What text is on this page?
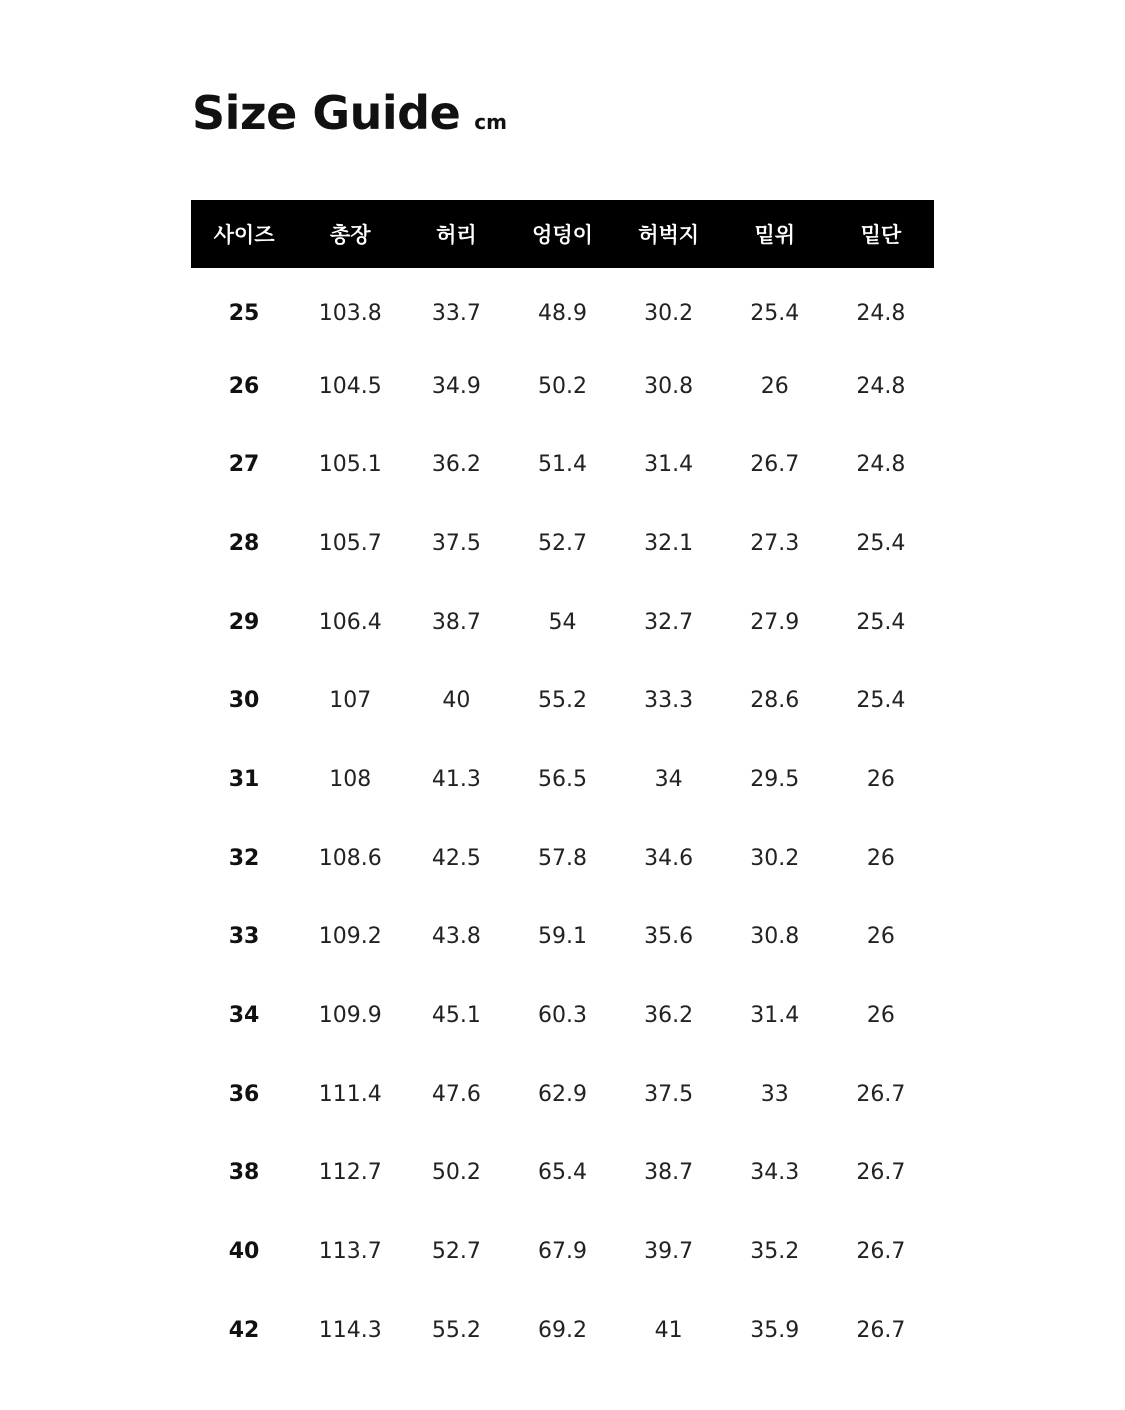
Size Guide cm
사이즈	총장	허리	엉덩이	허벅지	밑위	밑단
25	103.8	33.7	48.9	30.2	25.4	24.8
26	104.5	34.9	50.2	30.8	26	24.8
27	105.1	36.2	51.4	31.4	26.7	24.8
28	105.7	37.5	52.7	32.1	27.3	25.4
29	106.4	38.7	54	32.7	27.9	25.4
30	107	40	55.2	33.3	28.6	25.4
31	108	41.3	56.5	34	29.5	26
32	108.6	42.5	57.8	34.6	30.2	26
33	109.2	43.8	59.1	35.6	30.8	26
34	109.9	45.1	60.3	36.2	31.4	26
36	111.4	47.6	62.9	37.5	33	26.7
38	112.7	50.2	65.4	38.7	34.3	26.7
40	113.7	52.7	67.9	39.7	35.2	26.7
42	114.3	55.2	69.2	41	35.9	26.7
